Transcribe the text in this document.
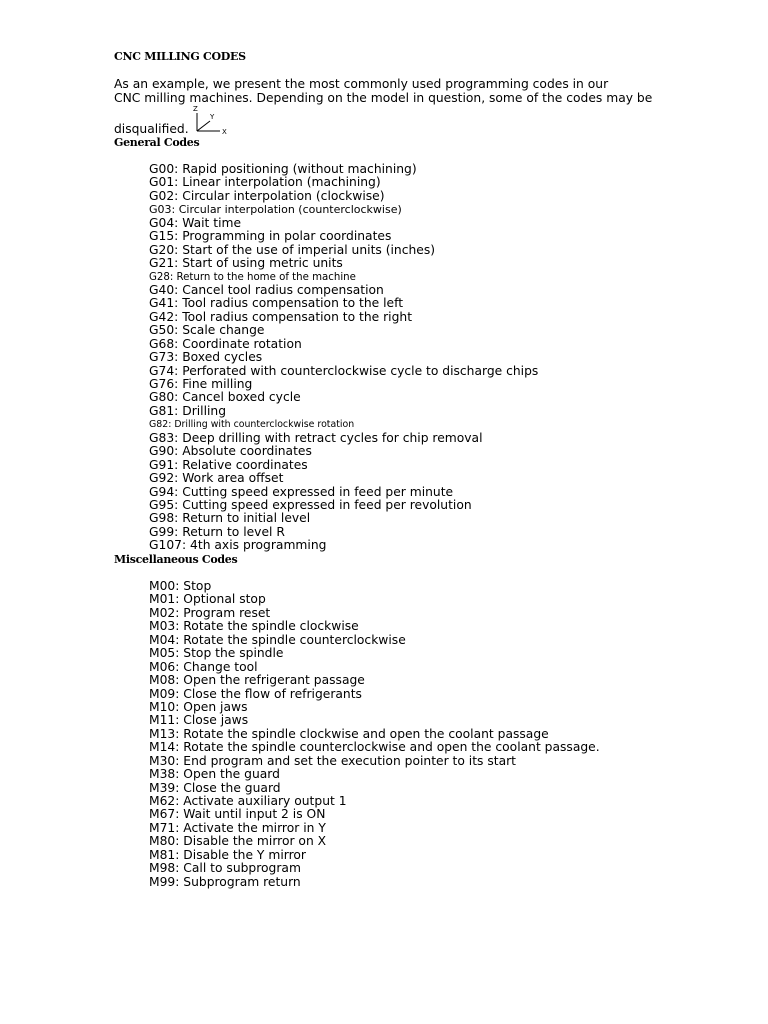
CNC MILLING CODES
As an example, we present the most commonly used programming codes in our
CNC milling machines. Depending on the model in question, some of the codes may be
disqualified.
Z
Y
X
General Codes
G00: Rapid positioning (without machining)
G01: Linear interpolation (machining)
G02: Circular interpolation (clockwise)
G03: Circular interpolation (counterclockwise)
G04: Wait time
G15: Programming in polar coordinates
G20: Start of the use of imperial units (inches)
G21: Start of using metric units
G28: Return to the home of the machine
G40: Cancel tool radius compensation
G41: Tool radius compensation to the left
G42: Tool radius compensation to the right
G50: Scale change
G68: Coordinate rotation
G73: Boxed cycles
G74: Perforated with counterclockwise cycle to discharge chips
G76: Fine milling
G80: Cancel boxed cycle
G81: Drilling
G82: Drilling with counterclockwise rotation
G83: Deep drilling with retract cycles for chip removal
G90: Absolute coordinates
G91: Relative coordinates
G92: Work area offset
G94: Cutting speed expressed in feed per minute
G95: Cutting speed expressed in feed per revolution
G98: Return to initial level
G99: Return to level R
G107: 4th axis programming
Miscellaneous Codes
M00: Stop
M01: Optional stop
M02: Program reset
M03: Rotate the spindle clockwise
M04: Rotate the spindle counterclockwise
M05: Stop the spindle
M06: Change tool
M08: Open the refrigerant passage
M09: Close the flow of refrigerants
M10: Open jaws
M11: Close jaws
M13: Rotate the spindle clockwise and open the coolant passage
M14: Rotate the spindle counterclockwise and open the coolant passage.
M30: End program and set the execution pointer to its start
M38: Open the guard
M39: Close the guard
M62: Activate auxiliary output 1
M67: Wait until input 2 is ON
M71: Activate the mirror in Y
M80: Disable the mirror on X
M81: Disable the Y mirror
M98: Call to subprogram
M99: Subprogram return
